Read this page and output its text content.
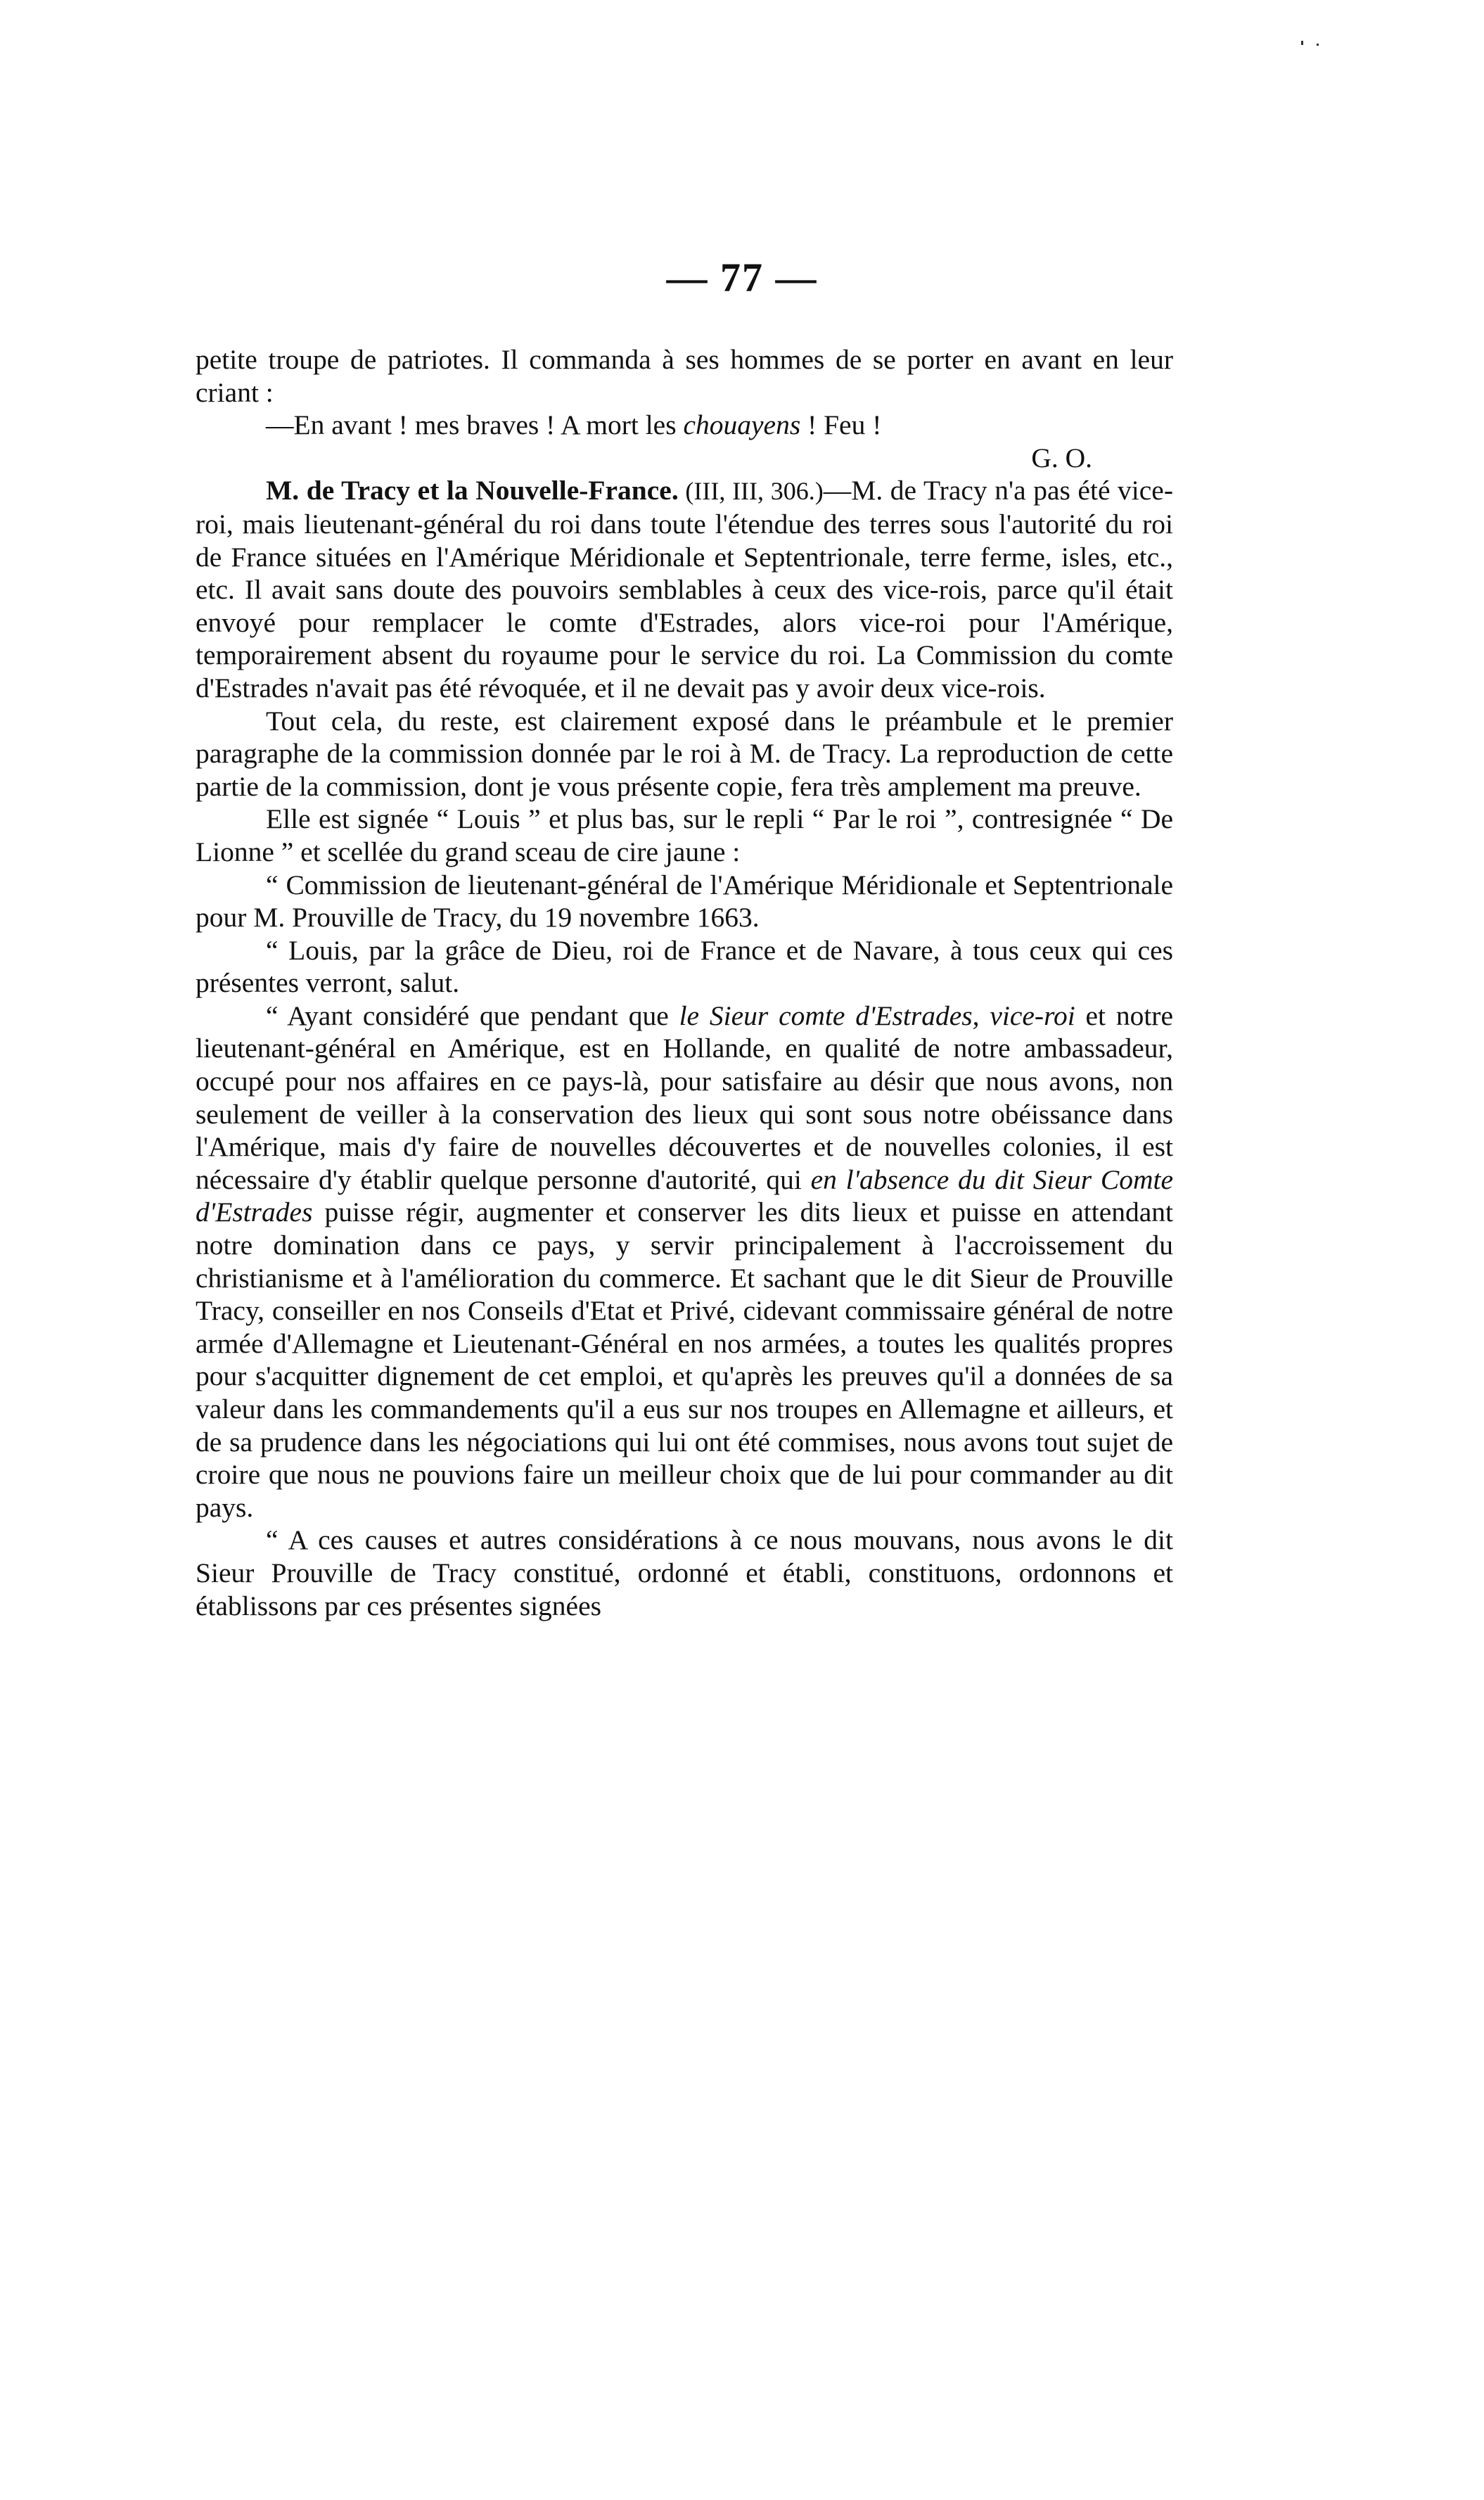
— 77 —

petite troupe de patriotes. Il commanda à ses hommes de se porter en avant en leur criant :

—En avant ! mes braves ! A mort les chouayens ! Feu !

G. O.

M. de Tracy et la Nouvelle-France. (III, III, 306.)—M. de Tracy n'a pas été vice-roi, mais lieutenant-général du roi dans toute l'étendue des terres sous l'autorité du roi de France situées en l'Amérique Méridionale et Septentrionale, terre ferme, isles, etc., etc. Il avait sans doute des pouvoirs semblables à ceux des vice-rois, parce qu'il était envoyé pour remplacer le comte d'Estrades, alors vice-roi pour l'Amérique, temporairement absent du royaume pour le service du roi. La Commission du comte d'Estrades n'avait pas été révoquée, et il ne devait pas y avoir deux vice-rois.

Tout cela, du reste, est clairement exposé dans le préambule et le premier paragraphe de la commission donnée par le roi à M. de Tracy. La reproduction de cette partie de la commission, dont je vous présente copie, fera très amplement ma preuve.

Elle est signée “ Louis ” et plus bas, sur le repli “ Par le roi ”, contresignée “ De Lionne ” et scellée du grand sceau de cire jaune :

“ Commission de lieutenant-général de l'Amérique Méridionale et Septentrionale pour M. Prouville de Tracy, du 19 novembre 1663.

“ Louis, par la grâce de Dieu, roi de France et de Navare, à tous ceux qui ces présentes verront, salut.

“ Ayant considéré que pendant que le Sieur comte d'Estrades, vice-roi et notre lieutenant-général en Amérique, est en Hollande, en qualité de notre ambassadeur, occupé pour nos affaires en ce pays-là, pour satisfaire au désir que nous avons, non seulement de veiller à la conservation des lieux qui sont sous notre obéissance dans l'Amérique, mais d'y faire de nouvelles découvertes et de nouvelles colonies, il est nécessaire d'y établir quelque personne d'autorité, qui en l'absence du dit Sieur Comte d'Estrades puisse régir, augmenter et conserver les dits lieux et puisse en attendant notre domination dans ce pays, y servir principalement à l'accroissement du christianisme et à l'amélioration du commerce. Et sachant que le dit Sieur de Prouville Tracy, conseiller en nos Conseils d'Etat et Privé, cidevant commissaire général de notre armée d'Allemagne et Lieutenant-Général en nos armées, a toutes les qualités propres pour s'acquitter dignement de cet emploi, et qu'après les preuves qu'il a données de sa valeur dans les commandements qu'il a eus sur nos troupes en Allemagne et ailleurs, et de sa prudence dans les négociations qui lui ont été commises, nous avons tout sujet de croire que nous ne pouvions faire un meilleur choix que de lui pour commander au dit pays.

“ A ces causes et autres considérations à ce nous mouvans, nous avons le dit Sieur Prouville de Tracy constitué, ordonné et établi, constituons, ordonnons et établissons par ces présentes signées
